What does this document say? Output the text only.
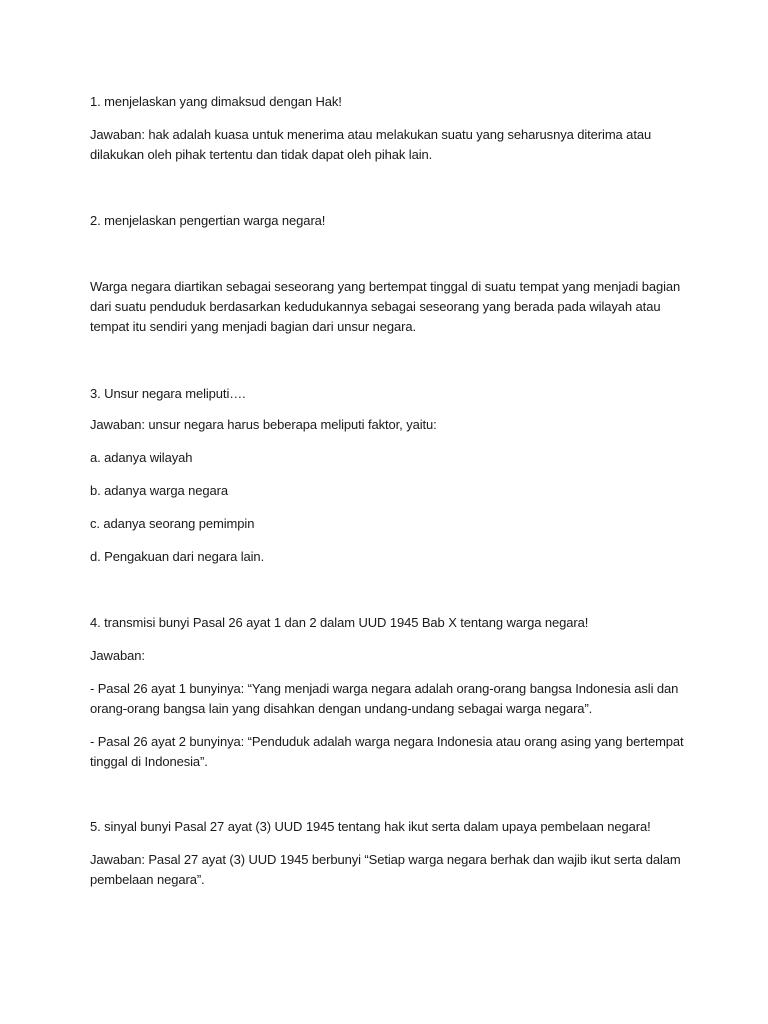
1. menjelaskan yang dimaksud dengan Hak!

Jawaban: hak adalah kuasa untuk menerima atau melakukan suatu yang seharusnya diterima atau dilakukan oleh pihak tertentu dan tidak dapat oleh pihak lain.

2. menjelaskan pengertian warga negara!

Warga negara diartikan sebagai seseorang yang bertempat tinggal di suatu tempat yang menjadi bagian dari suatu penduduk berdasarkan kedudukannya sebagai seseorang yang berada pada wilayah atau tempat itu sendiri yang menjadi bagian dari unsur negara.

3. Unsur negara meliputi….

Jawaban: unsur negara harus beberapa meliputi faktor, yaitu:

a. adanya wilayah

b. adanya warga negara

c. adanya seorang pemimpin

d. Pengakuan dari negara lain.

4. transmisi bunyi Pasal 26 ayat 1 dan 2 dalam UUD 1945 Bab X tentang warga negara!

Jawaban:

- Pasal 26 ayat 1 bunyinya: “Yang menjadi warga negara adalah orang-orang bangsa Indonesia asli dan orang-orang bangsa lain yang disahkan dengan undang-undang sebagai warga negara”.

- Pasal 26 ayat 2 bunyinya: “Penduduk adalah warga negara Indonesia atau orang asing yang bertempat tinggal di Indonesia”.

5. sinyal bunyi Pasal 27 ayat (3) UUD 1945 tentang hak ikut serta dalam upaya pembelaan negara!

Jawaban: Pasal 27 ayat (3) UUD 1945 berbunyi “Setiap warga negara berhak dan wajib ikut serta dalam pembelaan negara”.
